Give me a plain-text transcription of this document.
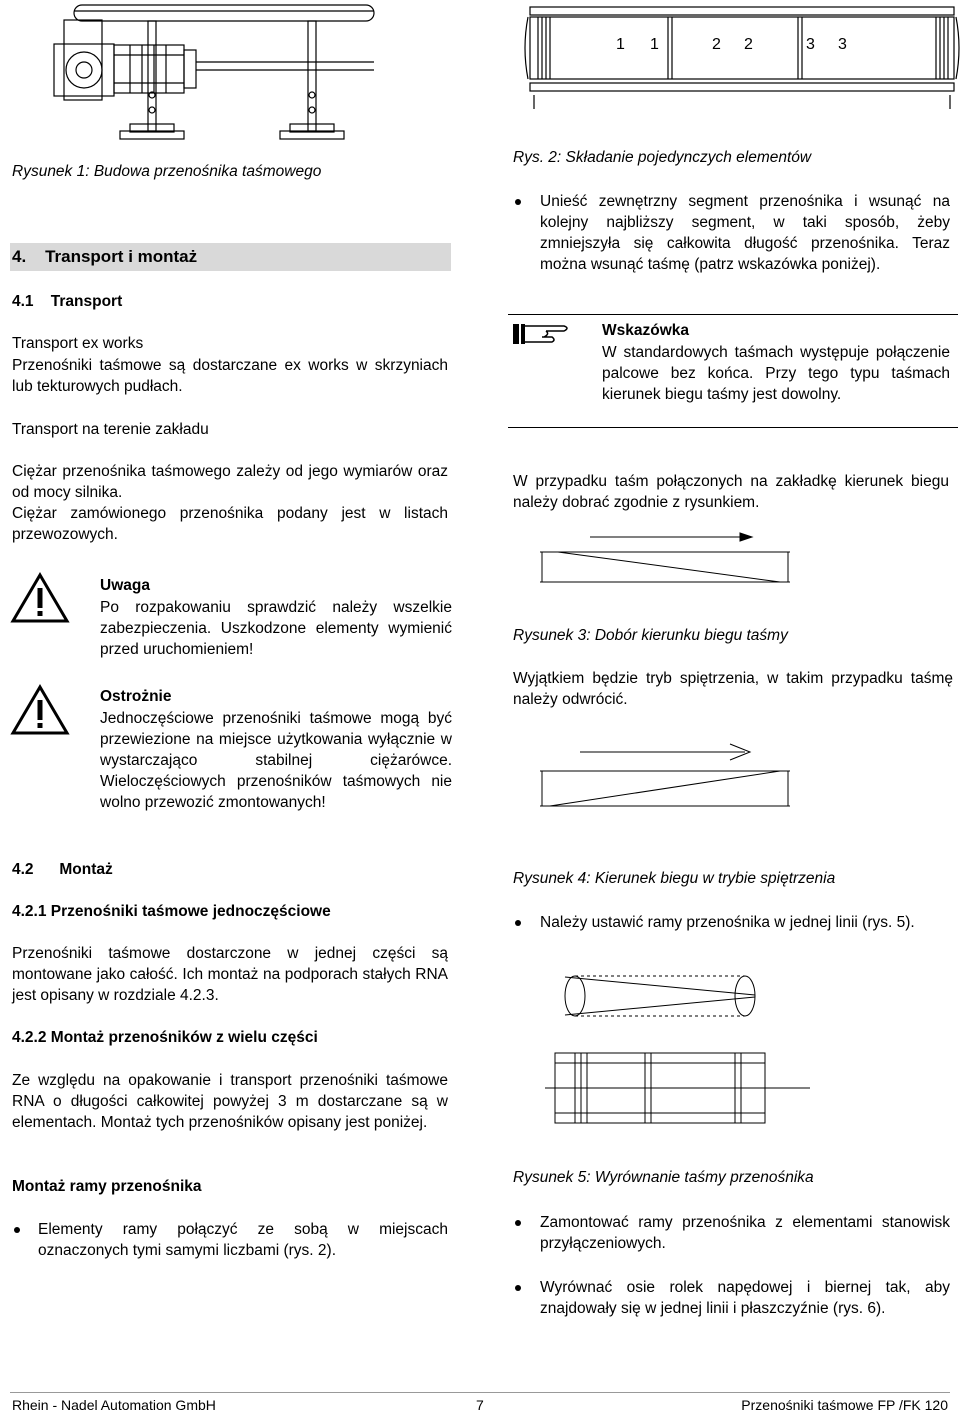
Rysunek 1: Budowa przenośnika taśmowego
4.    Transport i montaż
4.1    Transport
Transport ex works
Przenośniki taśmowe są dostarczane ex works w skrzyniach lub tekturowych pudłach.
Transport na terenie zakładu
Ciężar przenośnika taśmowego zależy od jego wymiarów oraz od mocy silnika.
Ciężar zamówionego przenośnika podany jest w listach przewozowych.
Uwaga
Po rozpakowaniu sprawdzić należy wszelkie zabezpieczenia. Uszkodzone elementy wymienić przed uruchomieniem!
Ostrożnie
Jednoczęściowe przenośniki taśmowe mogą być przewiezione na miejsce użytkowania wyłącznie w wystarczająco stabilnej ciężarówce. Wieloczęściowych przenośników taśmowych nie wolno przewozić zmontowanych!
4.2      Montaż
4.2.1 Przenośniki taśmowe jednoczęściowe
Przenośniki taśmowe dostarczone w jednej części są montowane jako całość. Ich montaż na podporach stałych RNA jest opisany w rozdziale 4.2.3.
4.2.2 Montaż przenośników z wielu części
Ze względu na opakowanie i transport przenośniki taśmowe RNA o długości całkowitej powyżej 3 m dostarczane są w elementach. Montaż tych przenośników opisany jest poniżej.
Montaż ramy przenośnika
Elementy ramy połączyć ze sobą w miejscach oznaczonych tymi samymi liczbami (rys. 2).
1 1	2 2	3 3
Rys. 2: Składanie pojedynczych elementów
Unieść zewnętrzny segment przenośnika i wsunąć na kolejny najbliższy segment, w taki sposób, żeby zmniejszyła się całkowita długość przenośnika. Teraz można wsunąć taśmę (patrz wskazówka poniżej).
Wskazówka
W standardowych taśmach występuje połączenie palcowe bez końca. Przy tego typu taśmach kierunek biegu taśmy jest dowolny.
W przypadku taśm połączonych na zakładkę kierunek biegu należy dobrać zgodnie z rysunkiem.
Rysunek 3: Dobór kierunku biegu taśmy
Wyjątkiem będzie tryb spiętrzenia, w takim przypadku taśmę należy odwrócić.
Rysunek 4: Kierunek biegu w trybie spiętrzenia
Należy ustawić ramy przenośnika w jednej linii (rys. 5).
Rysunek 5: Wyrównanie taśmy przenośnika
Zamontować ramy przenośnika z elementami stanowisk przyłączeniowych.
Wyrównać osie rolek napędowej i biernej tak, aby znajdowały się w jednej linii i płaszczyźnie (rys. 6).
Rhein - Nadel Automation GmbH	7	Przenośniki taśmowe FP /FK 120
